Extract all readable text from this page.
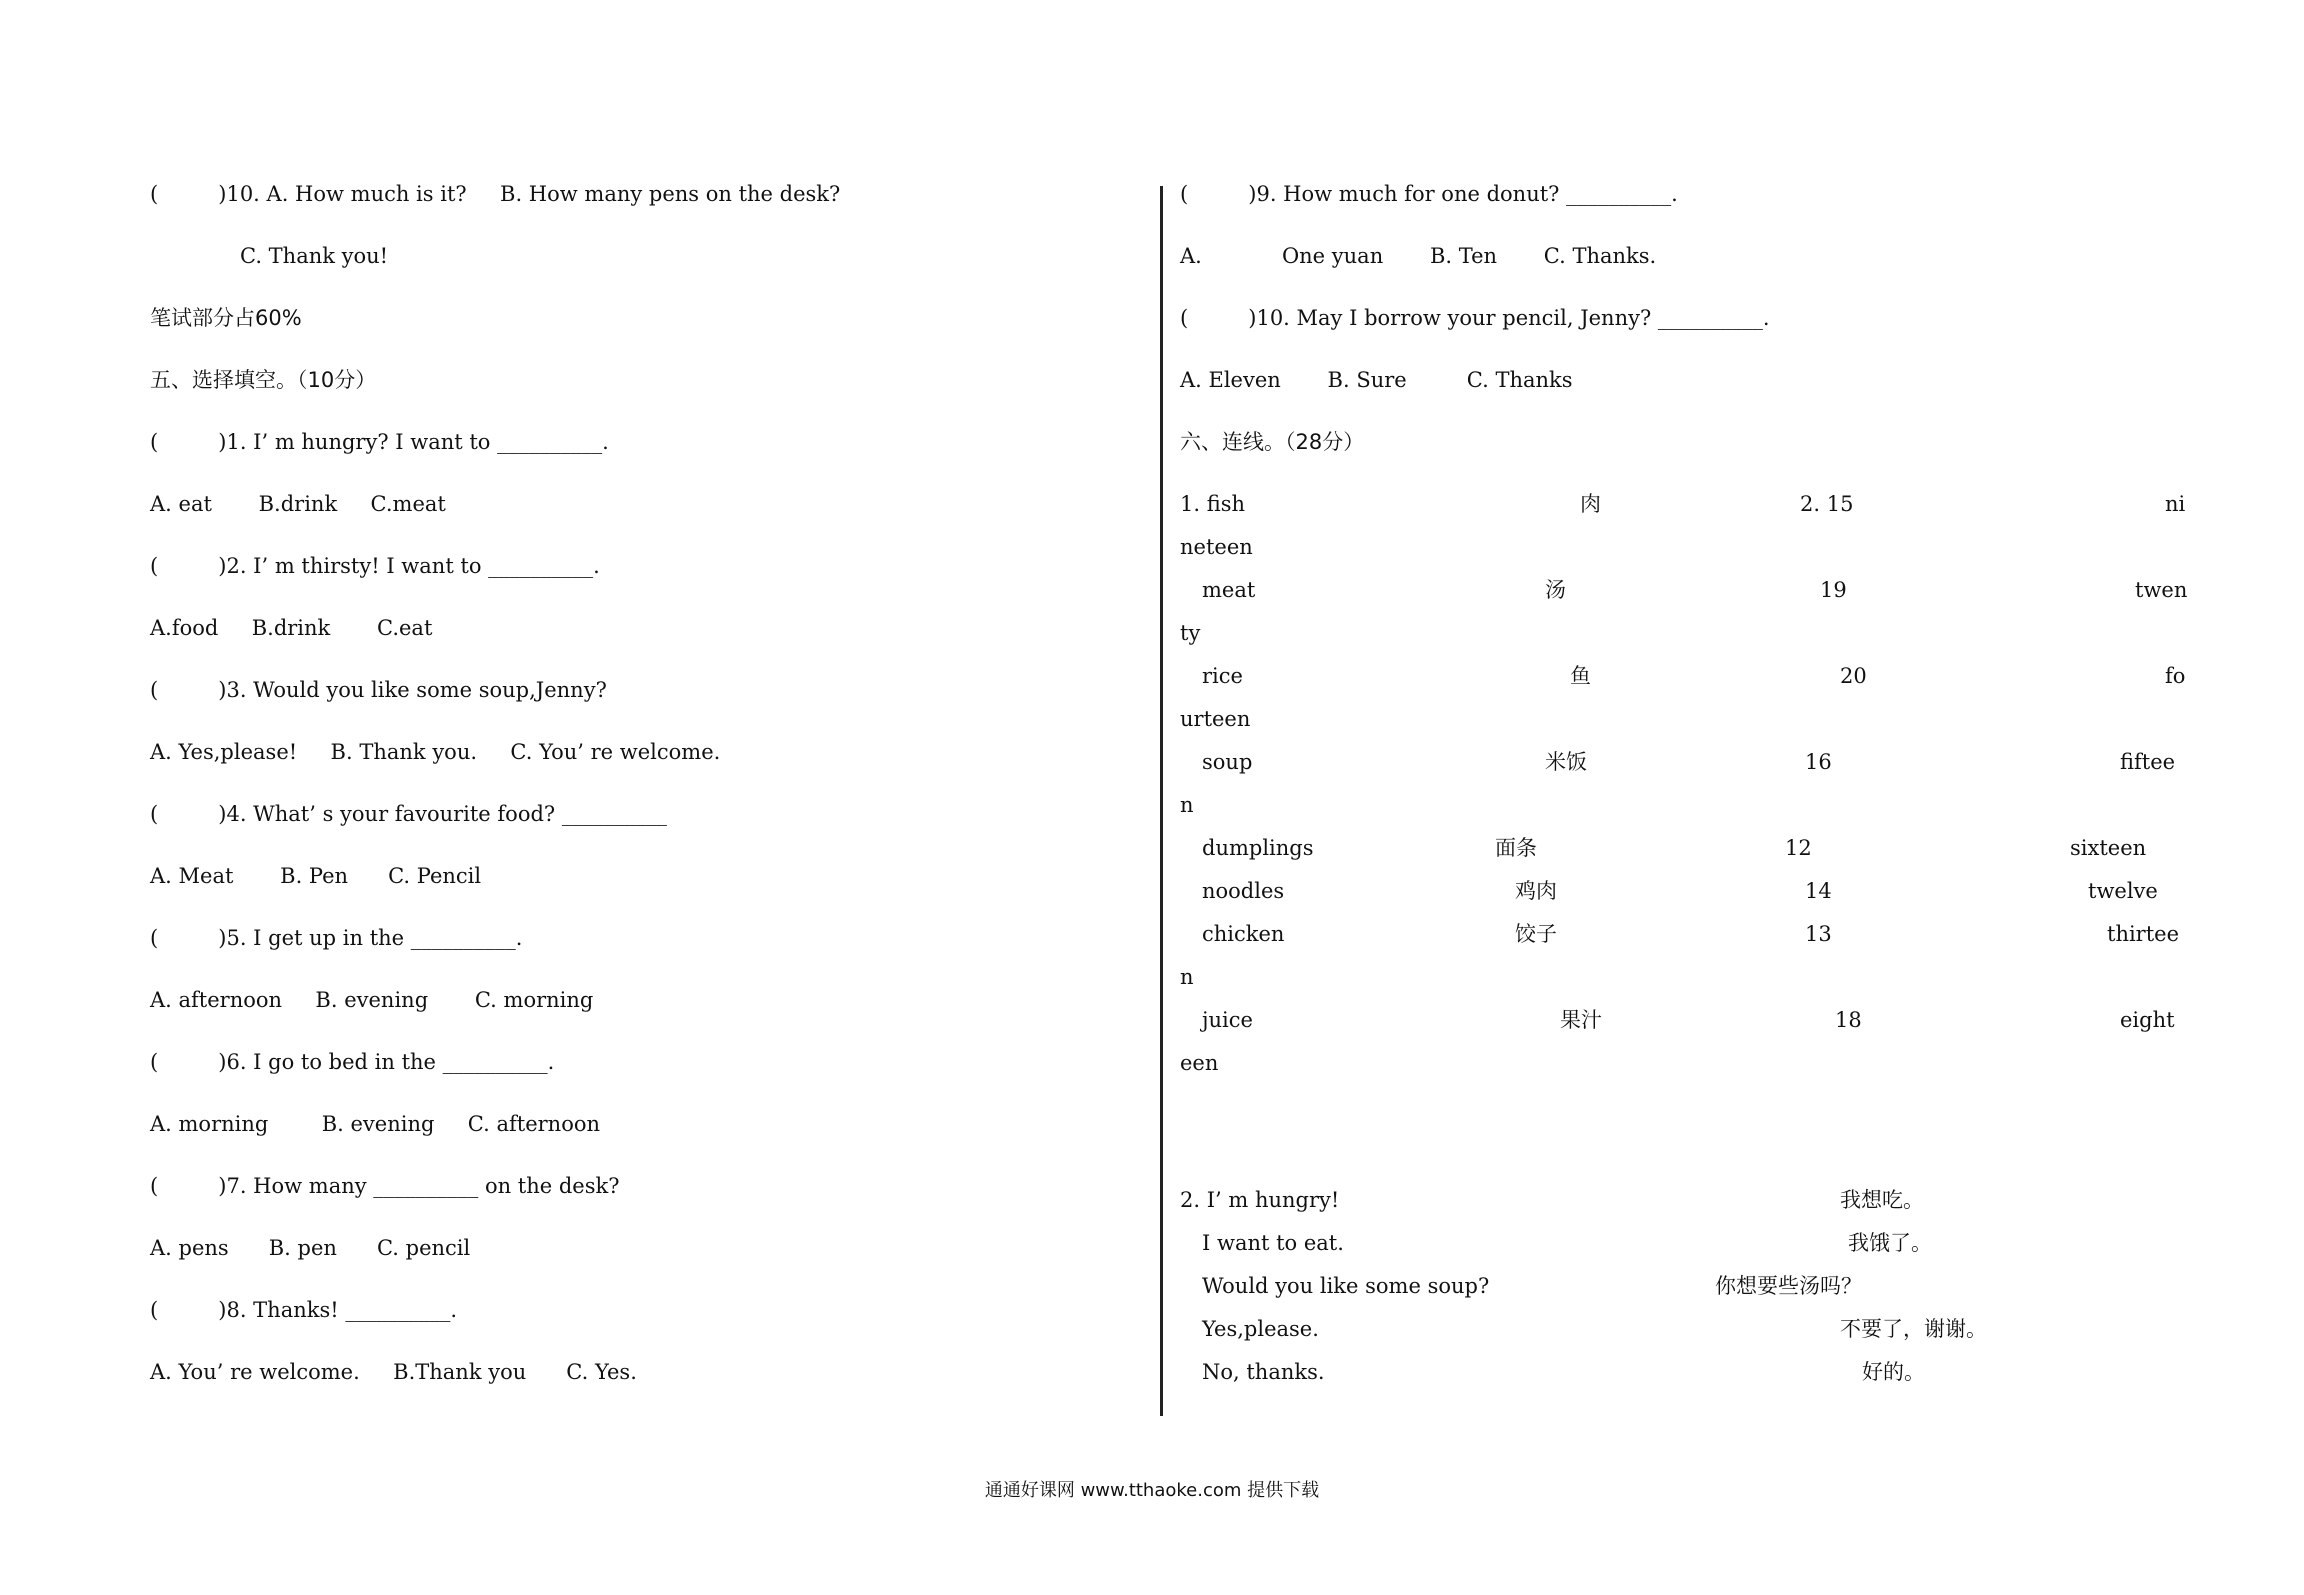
(         )10. A. How much is it?     B. How many pens on the desk?
C. Thank you!
笔试部分占60%
五、选择填空。（10分）
(         )1. I’ m hungry? I want to __________.
A. eat       B.drink     C.meat
(         )2. I’ m thirsty! I want to __________.
A.food     B.drink       C.eat
(         )3. Would you like some soup,Jenny?
A. Yes,please!     B. Thank you.     C. You’ re welcome.
(         )4. What’ s your favourite food? __________
A. Meat       B. Pen      C. Pencil
(         )5. I get up in the __________.
A. afternoon     B. evening       C. morning
(         )6. I go to bed in the __________.
A. morning        B. evening     C. afternoon
(         )7. How many __________ on the desk?
A. pens      B. pen      C. pencil
(         )8. Thanks! __________.
A. You’ re welcome.     B.Thank you      C. Yes.
(         )9. How much for one donut? __________.
A.            One yuan       B. Ten       C. Thanks.
(         )10. May I borrow your pencil, Jenny? __________.
A. Eleven       B. Sure         C. Thanks
六、连线。（28分）
1. fish	肉	2. 15	ni
neteen
meat	汤	19	twen
ty
rice	鱼	20	fo
urteen
soup	米饭	16	fiftee
n
dumplings	面条	12	sixteen
noodles	鸡肉	14	twelve
chicken	饺子	13	thirtee
n
juice	果汁	18	eight
een
2. I’ m hungry!	我想吃。
I want to eat.	我饿了。
Would you like some soup?	你想要些汤吗？
Yes,please.	不要了，谢谢。
No, thanks.	好的。
通通好课网 www.tthaoke.com 提供下载
